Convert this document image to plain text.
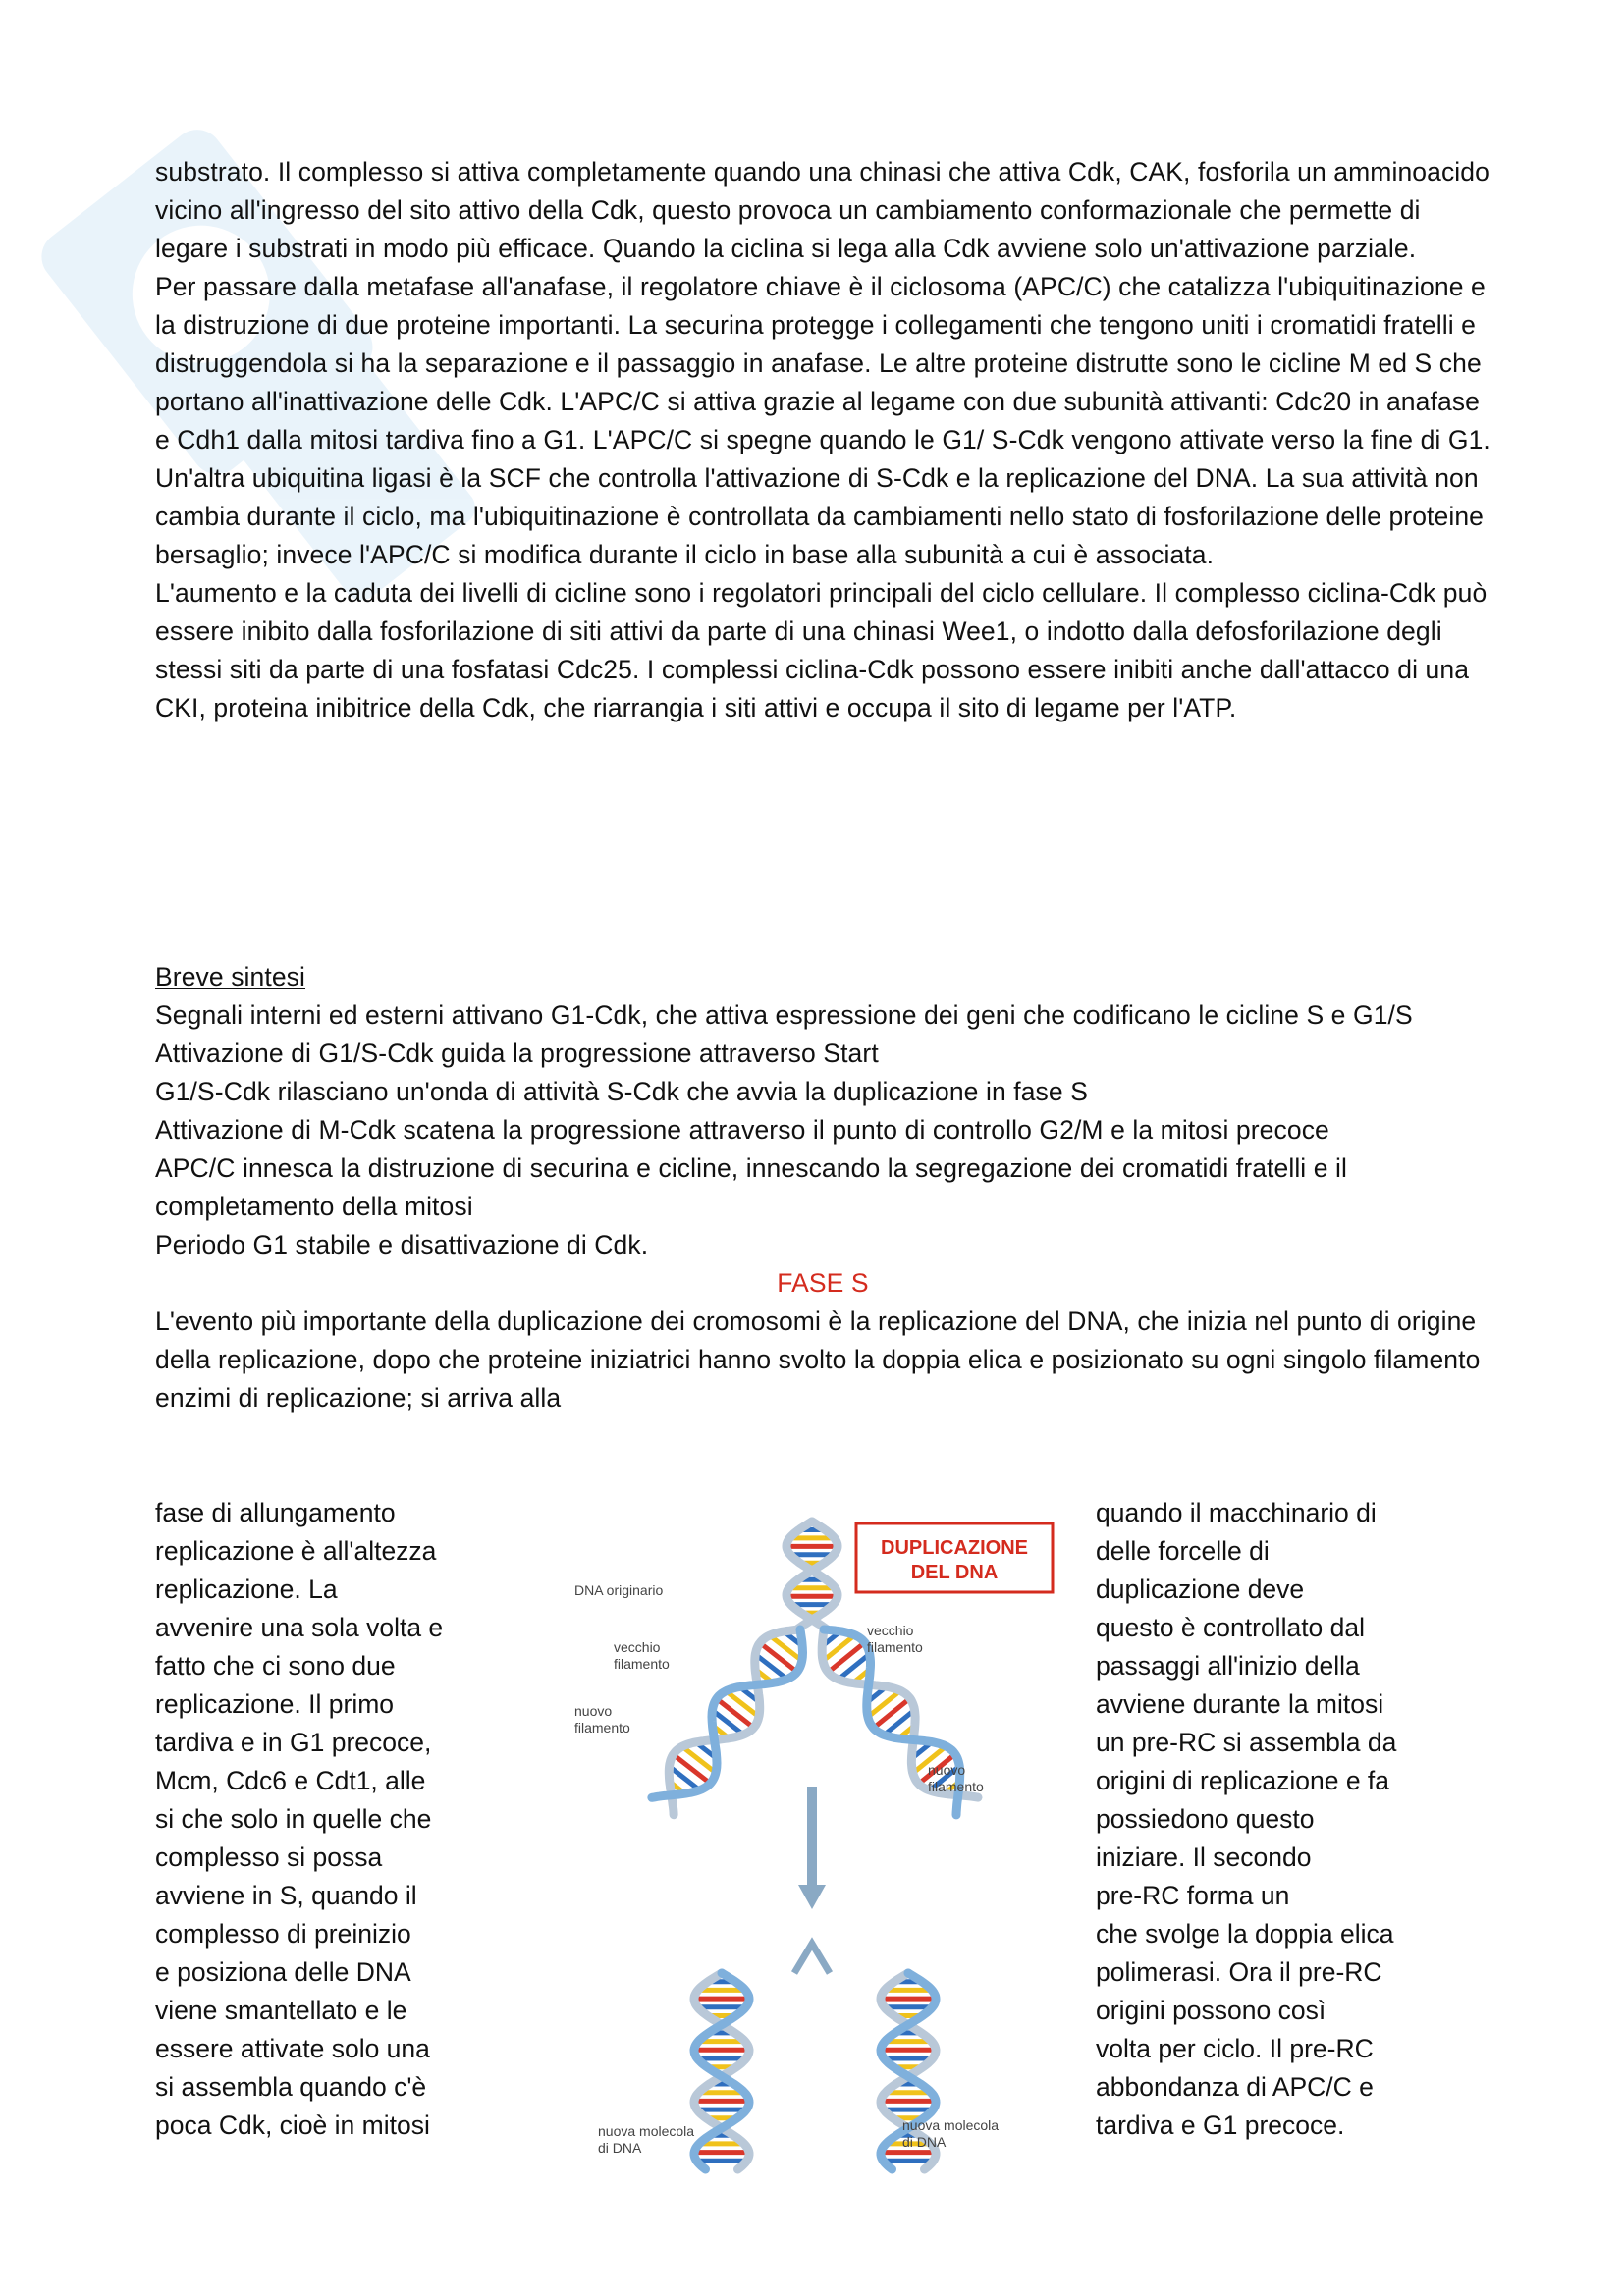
substrato. Il complesso si attiva completamente quando una chinasi che attiva Cdk, CAK, fosforila un amminoacido vicino all'ingresso del sito attivo della Cdk, questo provoca un cambiamento conformazionale che permette di legare i substrati in modo più efficace. Quando la ciclina si lega alla Cdk avviene solo un'attivazione parziale.

Per passare dalla metafase all'anafase, il regolatore chiave è il ciclosoma (APC/C) che catalizza l'ubiquitinazione e la distruzione di due proteine importanti. La securina protegge i collegamenti che tengono uniti i cromatidi fratelli e distruggendola si ha la separazione e il passaggio in anafase. Le altre proteine distrutte sono le cicline M ed S che portano all'inattivazione delle Cdk. L'APC/C si attiva grazie al legame con due subunità attivanti: Cdc20 in anafase e Cdh1 dalla mitosi tardiva fino a G1. L'APC/C si spegne quando le G1/ S-Cdk vengono attivate verso la fine di G1. Un'altra ubiquitina ligasi è la SCF che controlla l'attivazione di S-Cdk e la replicazione del DNA. La sua attività non cambia durante il ciclo, ma l'ubiquitinazione è controllata da cambiamenti nello stato di fosforilazione delle proteine bersaglio; invece l'APC/C si modifica durante il ciclo in base alla subunità a cui è associata.

L'aumento e la caduta dei livelli di cicline sono i regolatori principali del ciclo cellulare. Il complesso ciclina-Cdk può essere inibito dalla fosforilazione di siti attivi da parte di una chinasi Wee1, o indotto dalla defosforilazione degli stessi siti da parte di una fosfatasi Cdc25. I complessi ciclina-Cdk possono essere inibiti anche dall'attacco di una CKI, proteina inibitrice della Cdk, che riarrangia i siti attivi e occupa il sito di legame per l'ATP.

Breve sintesi

Segnali interni ed esterni attivano G1-Cdk, che attiva espressione dei geni che codificano le cicline S e G1/S

Attivazione di G1/S-Cdk guida la progressione attraverso Start

G1/S-Cdk rilasciano un'onda di attività S-Cdk che avvia la duplicazione in fase S

Attivazione di M-Cdk scatena la progressione attraverso il punto di controllo G2/M e la mitosi precoce

APC/C innesca la distruzione di securina e cicline, innescando la segregazione dei cromatidi fratelli e il completamento della mitosi

Periodo G1 stabile e disattivazione di Cdk.

FASE S

L'evento più importante della duplicazione dei cromosomi è la replicazione del DNA, che inizia nel punto di origine della replicazione, dopo che proteine iniziatrici hanno svolto la doppia elica e posizionato su ogni singolo filamento enzimi di replicazione; si arriva alla

fase di allungamento
replicazione è all'altezza
replicazione. La
avvenire una sola volta e
fatto che ci sono due
replicazione. Il primo
tardiva e in G1 precoce,
Mcm, Cdc6 e Cdt1, alle
si che solo in quelle che
complesso si possa
avviene in S, quando il
complesso di preinizio
e posiziona delle DNA
viene smantellato e le
essere attivate solo una
si assembla quando c'è
poca Cdk, cioè in mitosi
quando il macchinario di
delle forcelle di
duplicazione deve
questo è controllato dal
passaggi all'inizio della
avviene durante la mitosi
un pre-RC si assembla da
origini di replicazione e fa
possiedono questo
iniziare. Il secondo
pre-RC forma un
che svolge la doppia elica
polimerasi. Ora il pre-RC
origini possono così
volta per ciclo. Il pre-RC
abbondanza di APC/C e
tardiva e G1 precoce.
DUPLICAZIONE
DEL DNA
DNA originario
vecchio
filamento
vecchio
filamento
nuovo
filamento
nuovo
filamento
nuova molecola
di DNA
nuova molecola
di DNA
